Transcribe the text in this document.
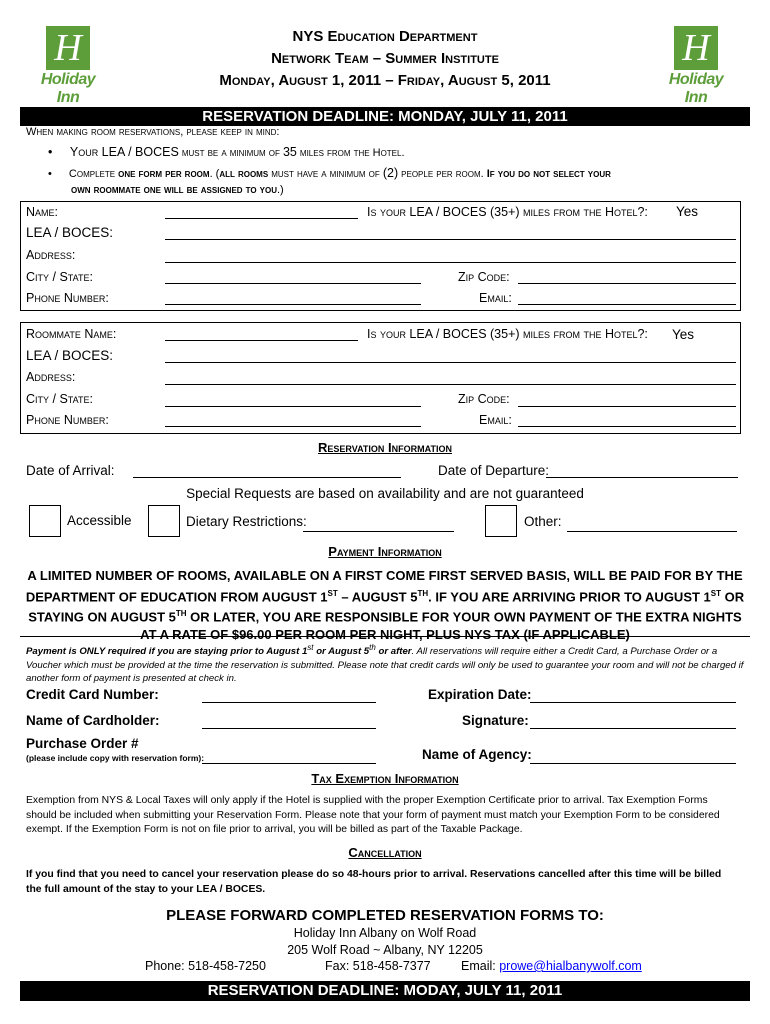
H
Holiday Inn
H
Holiday Inn
NYS Education Department
Network Team – Summer Institute
Monday, August 1, 2011 – Friday, August 5, 2011
RESERVATION DEADLINE: MONDAY, JULY 11, 2011
When making room reservations, please keep in mind:
• Your LEA / BOCES must be a minimum of 35 miles from the Hotel.
• Complete one form per room. (all rooms must have a minimum of (2) people per room. If you do not select your
own roommate one will be assigned to you.)
Name:	Is your LEA / BOCES (35+) miles from the Hotel?: Yes
LEA / BOCES:
Address:
City / State:	Zip Code:
Phone Number:	Email:
Roommate Name:	Is your LEA / BOCES (35+) miles from the Hotel?: Yes
LEA / BOCES:
Address:
City / State:	Zip Code:
Phone Number:	Email:
Reservation Information
Date of Arrival:	Date of Departure:
Special Requests are based on availability and are not guaranteed
Accessible	Dietary Restrictions:	Other:
Payment Information
A LIMITED NUMBER OF ROOMS, AVAILABLE ON A FIRST COME FIRST SERVED BASIS, WILL BE PAID FOR BY THE
DEPARTMENT OF EDUCATION FROM AUGUST 1ST – AUGUST 5TH. IF YOU ARE ARRIVING PRIOR TO AUGUST 1ST OR
STAYING ON AUGUST 5TH OR LATER, YOU ARE RESPONSIBLE FOR YOUR OWN PAYMENT OF THE EXTRA NIGHTS
AT A RATE OF $96.00 PER ROOM PER NIGHT, PLUS NYS TAX (IF APPLICABLE)
Payment is ONLY required if you are staying prior to August 1st or August 5th or after. All reservations will require either a Credit Card, a Purchase Order or a
Voucher which must be provided at the time the reservation is submitted. Please note that credit cards will only be used to guarantee your room and will not be charged if
another form of payment is presented at check in.
Credit Card Number:	Expiration Date:
Name of Cardholder:	Signature:
Purchase Order #
(please include copy with reservation form):	Name of Agency:
Tax Exemption Information
Exemption from NYS & Local Taxes will only apply if the Hotel is supplied with the proper Exemption Certificate prior to arrival. Tax Exemption Forms
should be included when submitting your Reservation Form. Please note that your form of payment must match your Exemption Form to be considered
exempt. If the Exemption Form is not on file prior to arrival, you will be billed as part of the Taxable Package.
Cancellation
If you find that you need to cancel your reservation please do so 48-hours prior to arrival. Reservations cancelled after this time will be billed
the full amount of the stay to your LEA / BOCES.
PLEASE FORWARD COMPLETED RESERVATION FORMS TO:
Holiday Inn Albany on Wolf Road
205 Wolf Road ~ Albany, NY 12205
Phone: 518-458-7250	Fax: 518-458-7377 Email: prowe@hialbanywolf.com
RESERVATION DEADLINE: MODAY, JULY 11, 2011
